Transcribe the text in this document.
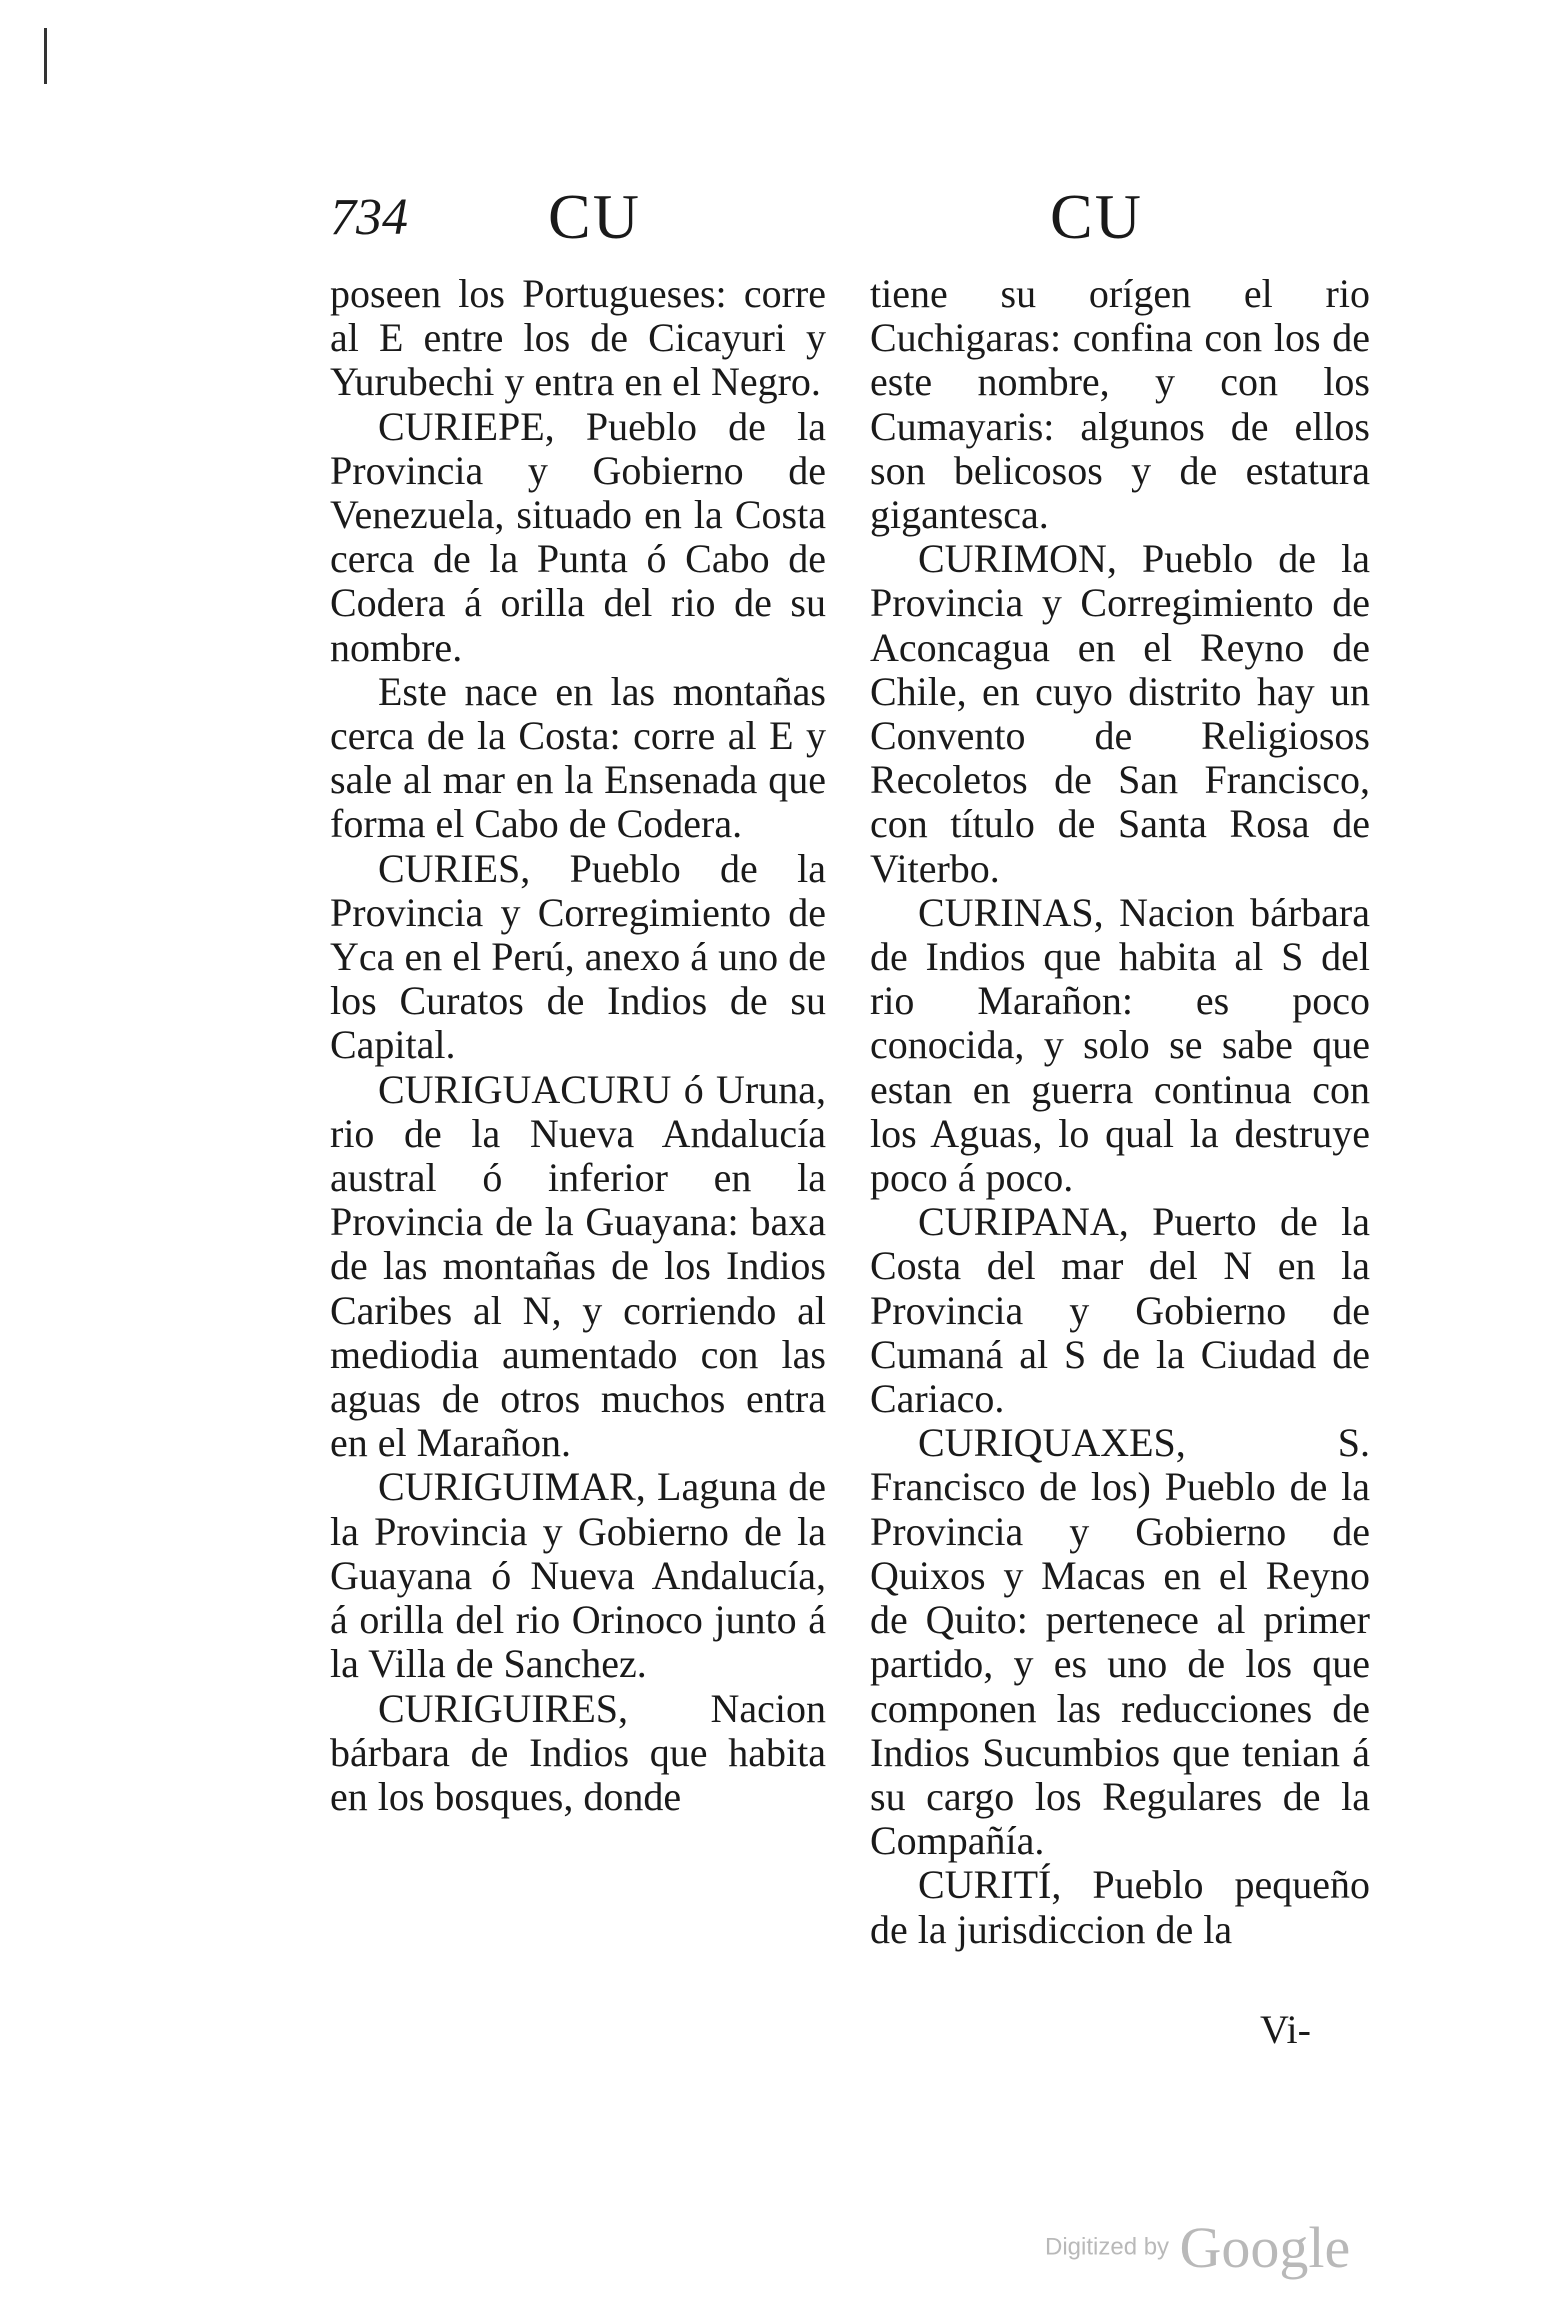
734 CU	CU

poseen los Portugueses: corre al E entre los de Cicayuri y Yurubechi y entra en el Negro.

CURIEPE, Pueblo de la Provincia y Gobierno de Venezuela, situado en la Costa cerca de la Punta ó Cabo de Codera á orilla del rio de su nombre.

Este nace en las montañas cerca de la Costa: corre al E y sale al mar en la Ensenada que forma el Cabo de Codera.

CURIES, Pueblo de la Provincia y Corregimiento de Yca en el Perú, anexo á uno de los Curatos de Indios de su Capital.

CURIGUACURU ó Uruna, rio de la Nueva Andalucía austral ó inferior en la Provincia de la Guayana: baxa de las montañas de los Indios Caribes al N, y corriendo al mediodia aumentado con las aguas de otros muchos entra en el Marañon.

CURIGUIMAR, Laguna de la Provincia y Gobierno de la Guayana ó Nueva Andalucía, á orilla del rio Orinoco junto á la Villa de Sanchez.

CURIGUIRES, Nacion bárbara de Indios que habita en los bosques, donde

tiene su orígen el rio Cuchigaras: confina con los de este nombre, y con los Cumayaris: algunos de ellos son belicosos y de estatura gigantesca.

CURIMON, Pueblo de la Provincia y Corregimiento de Aconcagua en el Reyno de Chile, en cuyo distrito hay un Convento de Religiosos Recoletos de San Francisco, con título de Santa Rosa de Viterbo.

CURINAS, Nacion bárbara de Indios que habita al S del rio Marañon: es poco conocida, y solo se sabe que estan en guerra continua con los Aguas, lo qual la destruye poco á poco.

CURIPANA, Puerto de la Costa del mar del N en la Provincia y Gobierno de Cumaná al S de la Ciudad de Cariaco.

CURIQUAXES, S. Francisco de los) Pueblo de la Provincia y Gobierno de Quixos y Macas en el Reyno de Quito: pertenece al primer partido, y es uno de los que componen las reducciones de Indios Sucumbios que tenian á su cargo los Regulares de la Compañía.

CURITÍ, Pueblo pequeño de la jurisdiccion de la

Vi-
Digitized by Google
